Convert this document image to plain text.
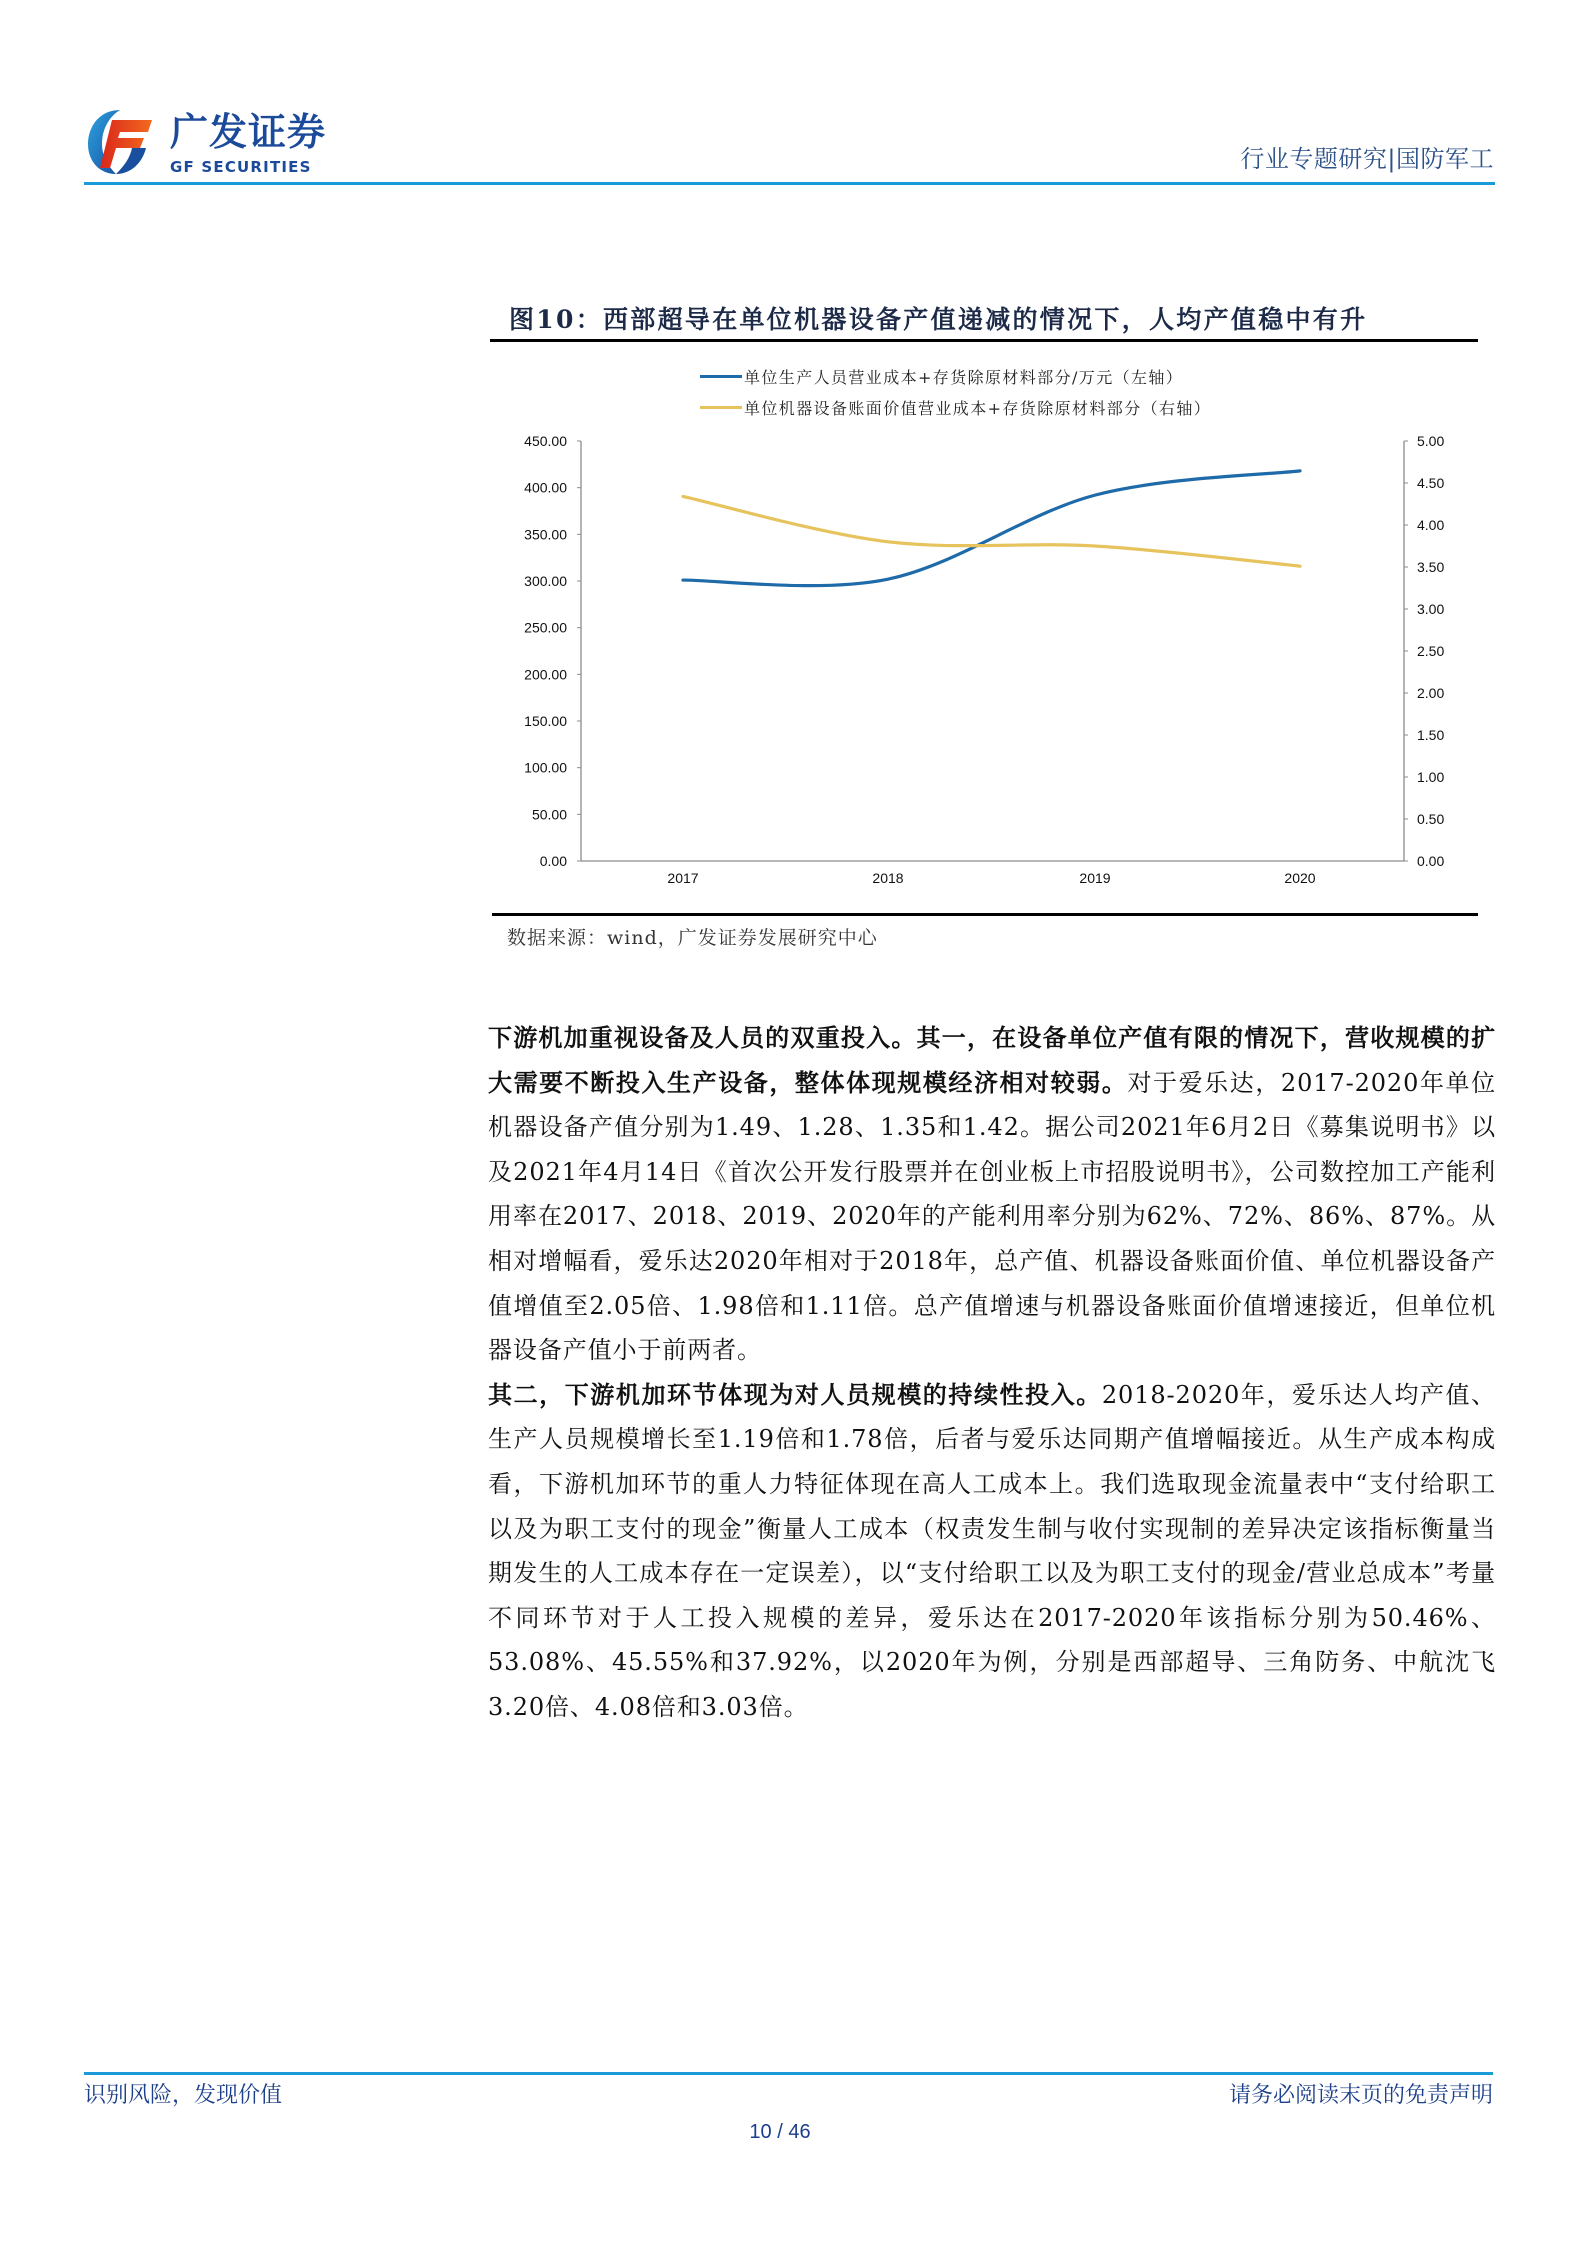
广发证券
GF SECURITIES	行业专题研究|国防军工
图10：西部超导在单位机器设备产值递减的情况下，人均产值稳中有升
单位生产人员营业成本+存货除原材料部分/万元（左轴）
单位机器设备账面价值营业成本+存货除原材料部分（右轴）
0.00
50.00
100.00
150.00
200.00
250.00
300.00
350.00
400.00
450.00
0.00
0.50
1.00
1.50
2.00
2.50
3.00
3.50
4.00
4.50
5.00
2017	2018	2019	2020
数据来源：wind，广发证券发展研究中心
下游机加重视设备及人员的双重投入。其一，在设备单位产值有限的情况下，营收规模的扩大需要不断投入生产设备，整体体现规模经济相对较弱。对于爱乐达，2017-2020年单位机器设备产值分别为1.49、1.28、1.35和1.42。据公司2021年6月2日《募集说明书》以及2021年4月14日《首次公开发行股票并在创业板上市招股说明书》，公司数控加工产能利用率在2017、2018、2019、2020年的产能利用率分别为62%、72%、86%、87%。从相对增幅看，爱乐达2020年相对于2018年，总产值、机器设备账面价值、单位机器设备产值增值至2.05倍、1.98倍和1.11倍。总产值增速与机器设备账面价值增速接近，但单位机器设备产值小于前两者。
其二，下游机加环节体现为对人员规模的持续性投入。2018-2020年，爱乐达人均产值、生产人员规模增长至1.19倍和1.78倍，后者与爱乐达同期产值增幅接近。从生产成本构成看，下游机加环节的重人力特征体现在高人工成本上。我们选取现金流量表中“支付给职工以及为职工支付的现金”衡量人工成本（权责发生制与收付实现制的差异决定该指标衡量当期发生的人工成本存在一定误差），以“支付给职工以及为职工支付的现金/营业总成本”考量不同环节对于人工投入规模的差异，爱乐达在2017-2020年该指标分别为50.46%、53.08%、45.55%和37.92%，以2020年为例，分别是西部超导、三角防务、中航沈飞3.20倍、4.08倍和3.03倍。
识别风险，发现价值	请务必阅读末页的免责声明
10 / 46
